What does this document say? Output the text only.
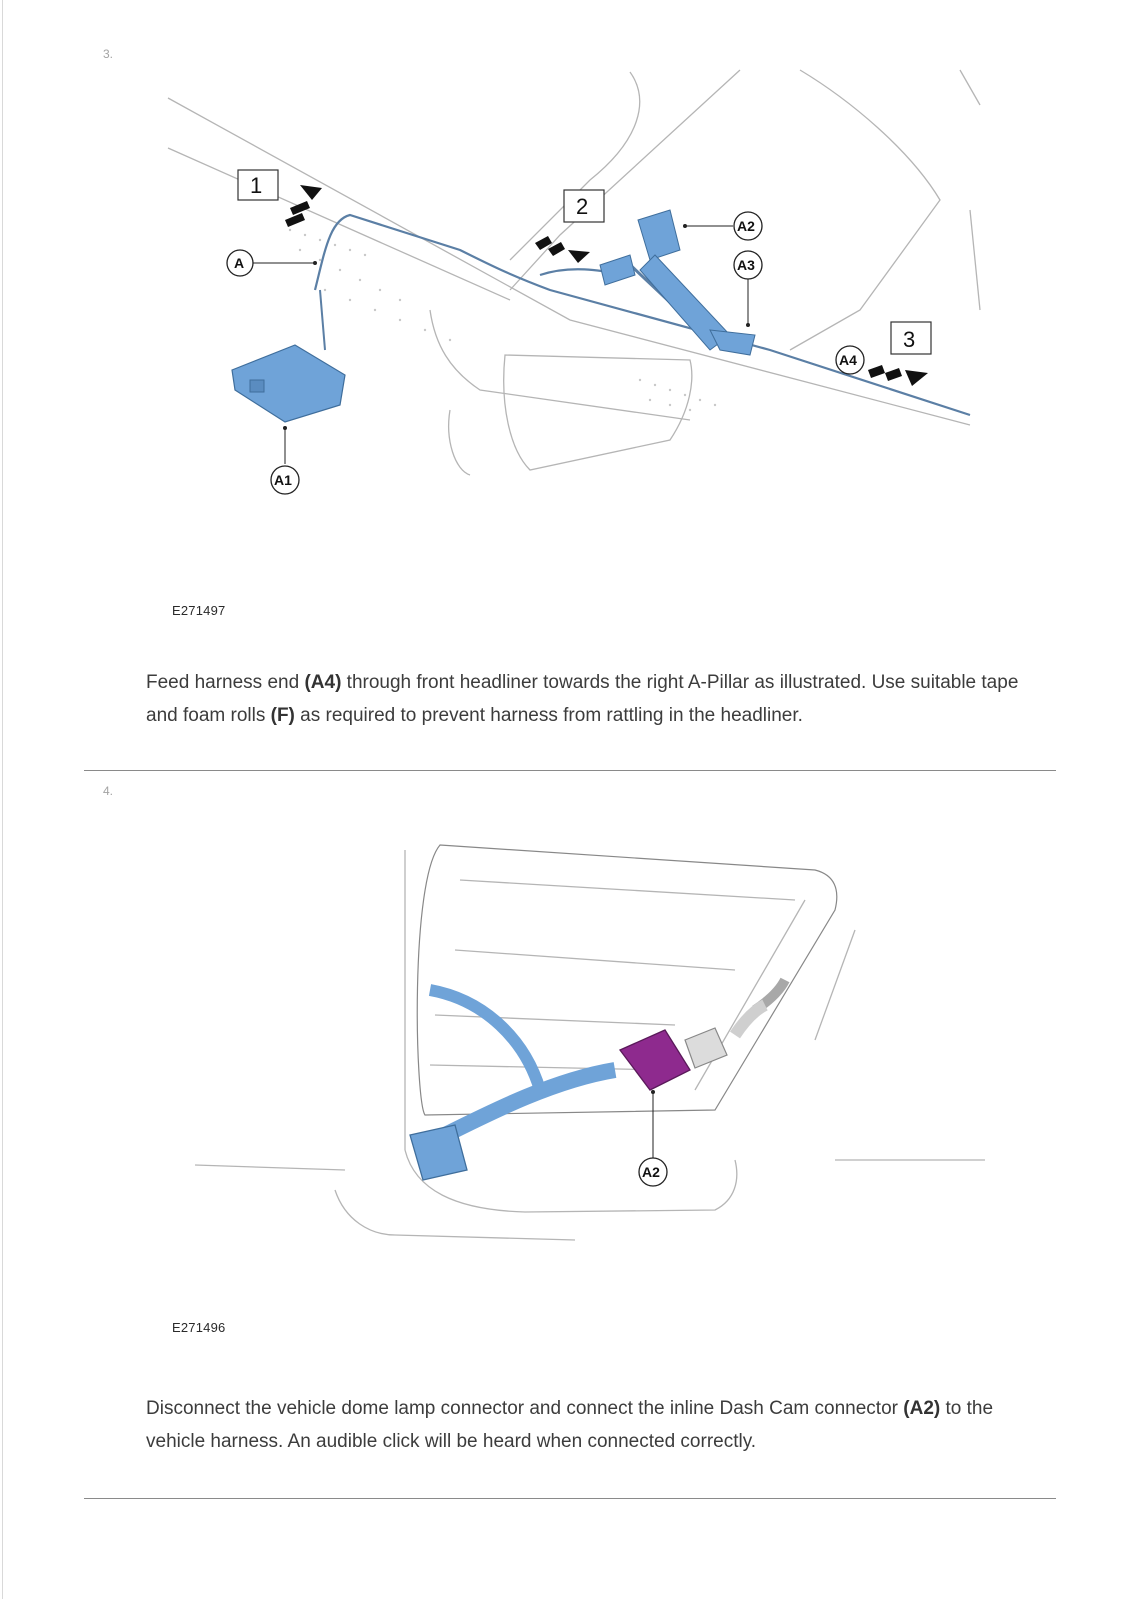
3.
1
2
3
A
A1
A2
A3
A4
E271497
Feed harness end (A4) through front headliner towards the right A-Pillar as illustrated. Use suitable tape and foam rolls (F) as required to prevent harness from rattling in the headliner.
4.
A2
E271496
Disconnect the vehicle dome lamp connector and connect the inline Dash Cam connector (A2) to the vehicle harness. An audible click will be heard when connected correctly.
